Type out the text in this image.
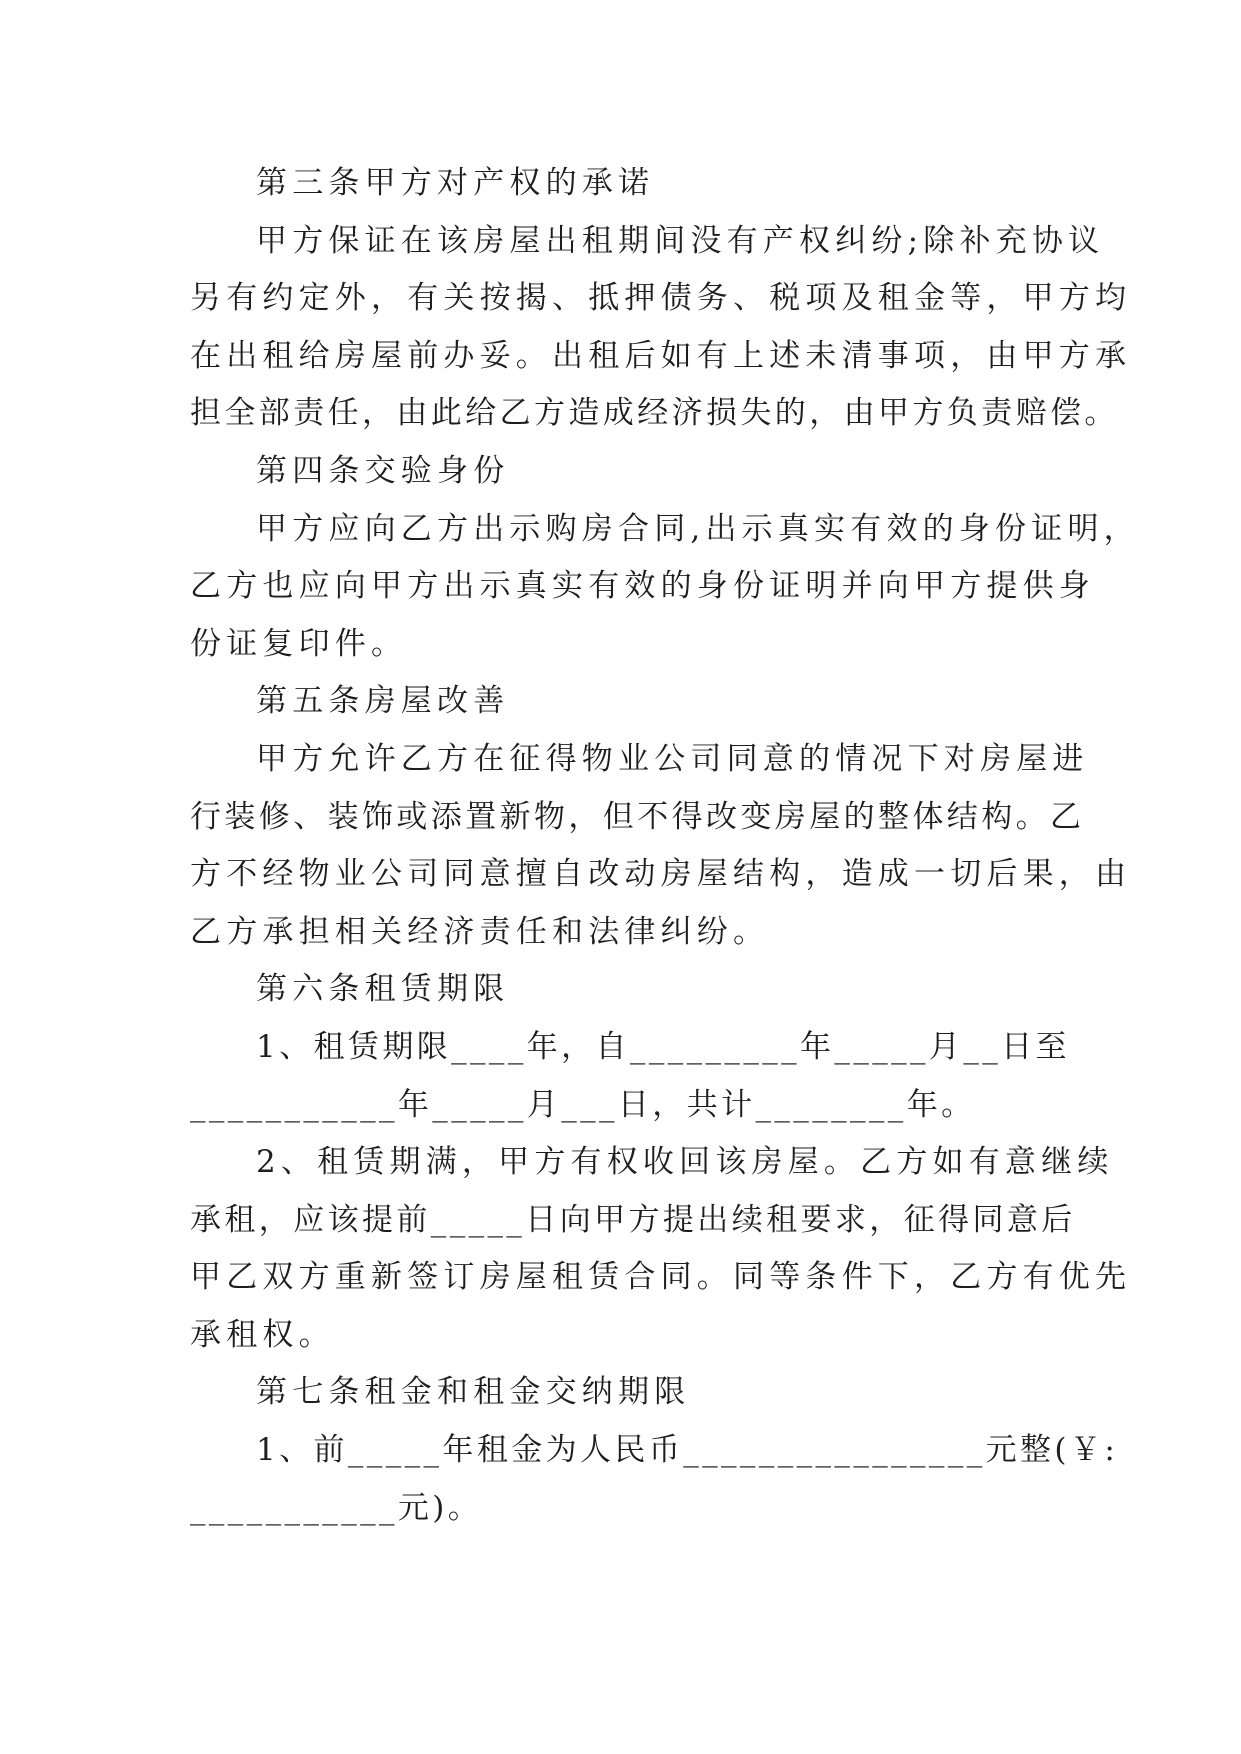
第三条甲方对产权的承诺
甲方保证在该房屋出租期间没有产权纠纷;除补充协议
另有约定外，有关按揭、抵押债务、税项及租金等，甲方均
在出租给房屋前办妥。出租后如有上述未清事项，由甲方承
担全部责任，由此给乙方造成经济损失的，由甲方负责赔偿。
第四条交验身份
甲方应向乙方出示购房合同,出示真实有效的身份证明，
乙方也应向甲方出示真实有效的身份证明并向甲方提供身
份证复印件。
第五条房屋改善
甲方允许乙方在征得物业公司同意的情况下对房屋进
行装修、装饰或添置新物，但不得改变房屋的整体结构。乙
方不经物业公司同意擅自改动房屋结构，造成一切后果，由
乙方承担相关经济责任和法律纠纷。
第六条租赁期限
1、租赁期限____年，自_________年_____月__日至
___________年_____月___日，共计________年。
2、租赁期满，甲方有权收回该房屋。乙方如有意继续
承租，应该提前_____日向甲方提出续租要求，征得同意后
甲乙双方重新签订房屋租赁合同。同等条件下，乙方有优先
承租权。
第七条租金和租金交纳期限
1、前_____年租金为人民币________________元整(￥:
___________元)。
